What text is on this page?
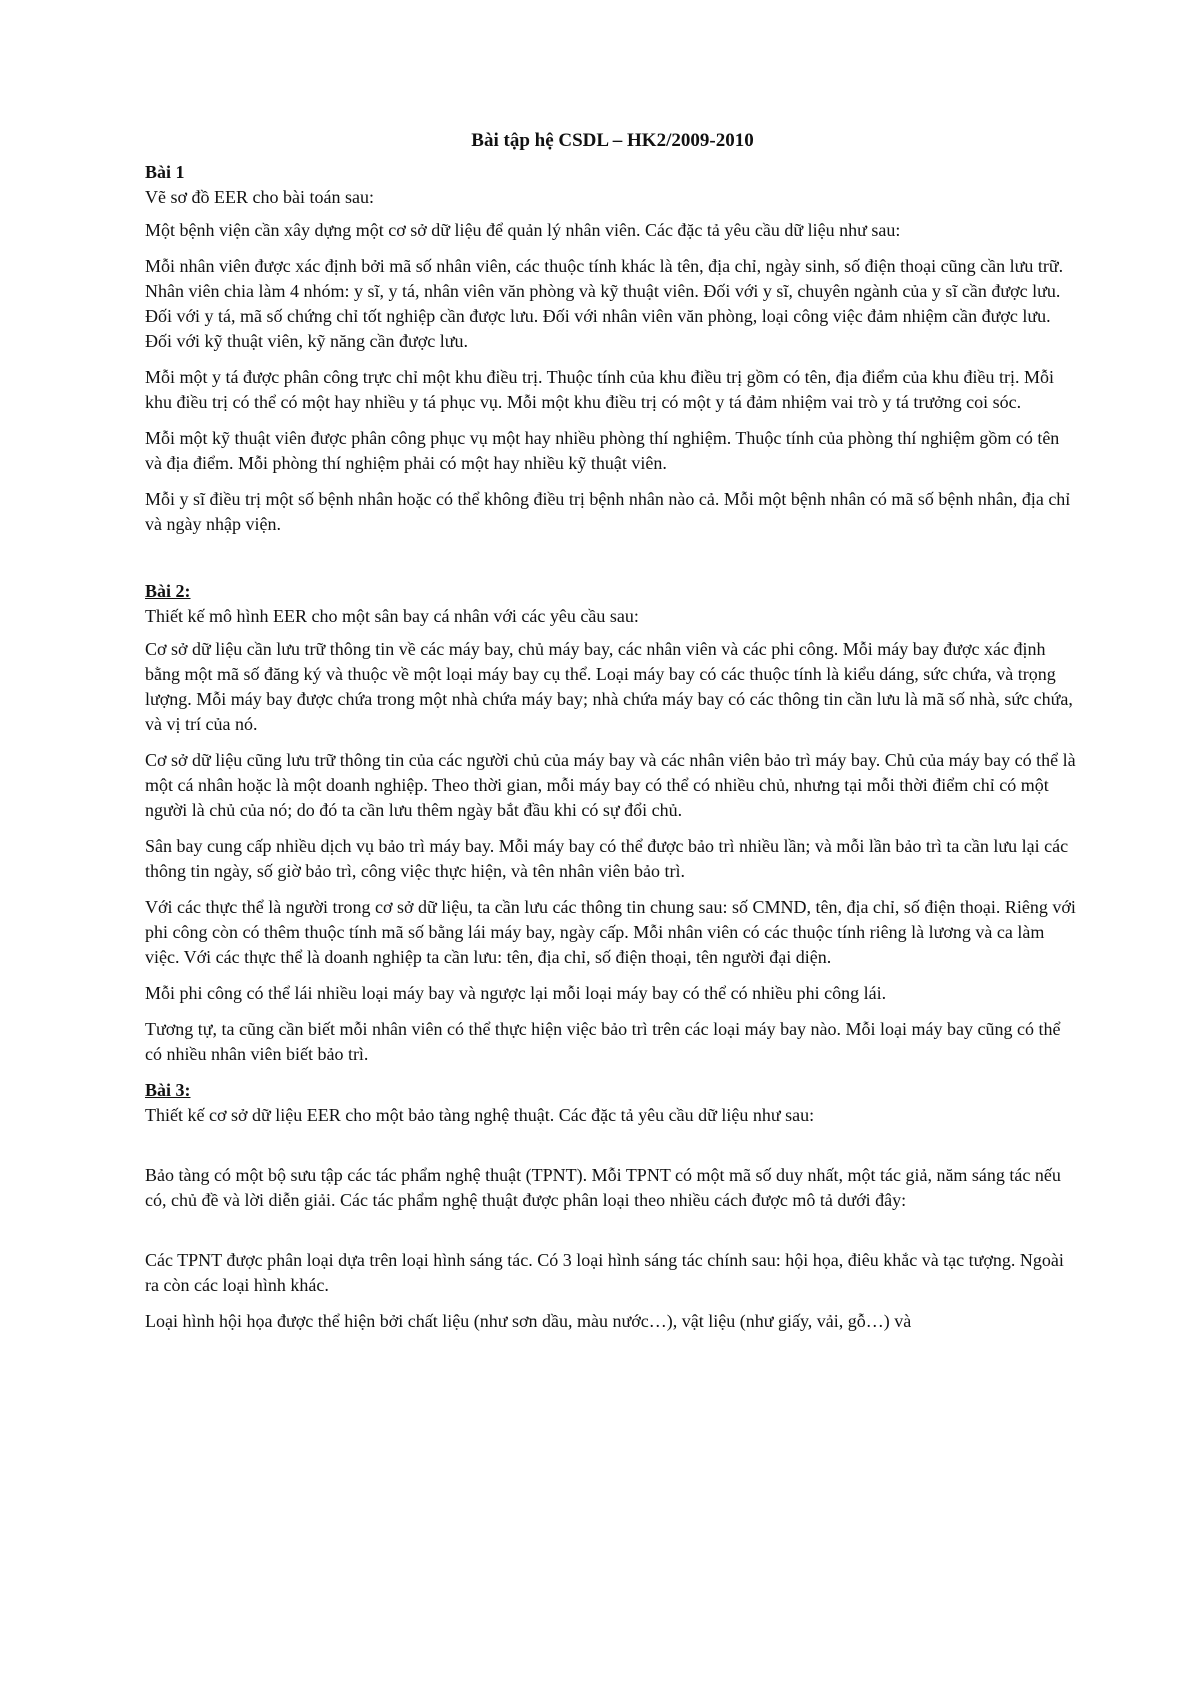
Bài tập hệ CSDL – HK2/2009-2010
Bài 1

Vẽ sơ đồ EER cho bài toán sau:

Một bệnh viện cần xây dựng một cơ sở dữ liệu để quản lý nhân viên. Các đặc tả yêu cầu dữ liệu như sau:

Mỗi nhân viên được xác định bởi mã số nhân viên, các thuộc tính khác là tên, địa chỉ, ngày sinh, số điện thoại cũng cần lưu trữ. Nhân viên chia làm 4 nhóm: y sĩ, y tá, nhân viên văn phòng và kỹ thuật viên. Đối với y sĩ, chuyên ngành của y sĩ cần được lưu. Đối với y tá, mã số chứng chỉ tốt nghiệp cần được lưu. Đối với nhân viên văn phòng, loại công việc đảm nhiệm cần được lưu. Đối với kỹ thuật viên, kỹ năng cần được lưu.

Mỗi một y tá được phân công trực chỉ một khu điều trị. Thuộc tính của khu điều trị gồm có tên, địa điểm của khu điều trị. Mỗi khu điều trị có thể có một hay nhiều y tá phục vụ. Mỗi một khu điều trị có một y tá đảm nhiệm vai trò y tá trưởng coi sóc.

Mỗi một kỹ thuật viên được phân công phục vụ một hay nhiều phòng thí nghiệm. Thuộc tính của phòng thí nghiệm gồm có tên và địa điểm. Mỗi phòng thí nghiệm phải có một hay nhiều kỹ thuật viên.

Mỗi y sĩ điều trị một số bệnh nhân hoặc có thể không điều trị bệnh nhân nào cả. Mỗi một bệnh nhân có mã số bệnh nhân, địa chỉ và ngày nhập viện.

Bài 2:

Thiết kế mô hình EER cho một sân bay cá nhân với các yêu cầu sau:

Cơ sở dữ liệu cần lưu trữ thông tin về các máy bay, chủ máy bay, các nhân viên và các phi công. Mỗi máy bay được xác định bằng một mã số đăng ký và thuộc về một loại máy bay cụ thể. Loại máy bay có các thuộc tính là kiểu dáng, sức chứa, và trọng lượng. Mỗi máy bay được chứa trong một nhà chứa máy bay; nhà chứa máy bay có các thông tin cần lưu là mã số nhà, sức chứa, và vị trí của nó.

Cơ sở dữ liệu cũng lưu trữ thông tin của các người chủ của máy bay và các nhân viên bảo trì máy bay. Chủ của máy bay có thể là một cá nhân hoặc là một doanh nghiệp. Theo thời gian, mỗi máy bay có thể có nhiều chủ, nhưng tại mỗi thời điểm chỉ có một người là chủ của nó; do đó ta cần lưu thêm ngày bắt đầu khi có sự đổi chủ.

Sân bay cung cấp nhiều dịch vụ bảo trì máy bay. Mỗi máy bay có thể được bảo trì nhiều lần; và mỗi lần bảo trì ta cần lưu lại các thông tin ngày, số giờ bảo trì, công việc thực hiện, và tên nhân viên bảo trì.

Với các thực thể là người trong cơ sở dữ liệu, ta cần lưu các thông tin chung sau: số CMND, tên, địa chỉ, số điện thoại. Riêng với phi công còn có thêm thuộc tính mã số bằng lái máy bay, ngày cấp. Mỗi nhân viên có các thuộc tính riêng là lương và ca làm việc. Với các thực thể là doanh nghiệp ta cần lưu: tên, địa chỉ, số điện thoại, tên người đại diện.

Mỗi phi công có thể lái nhiều loại máy bay và ngược lại mỗi loại máy bay có thể có nhiều phi công lái.

Tương tự, ta cũng cần biết mỗi nhân viên có thể thực hiện việc bảo trì trên các loại máy bay nào. Mỗi loại máy bay cũng có thể có nhiều nhân viên biết bảo trì.

Bài 3:

Thiết kế cơ sở dữ liệu EER cho một bảo tàng nghệ thuật. Các đặc tả yêu cầu dữ liệu như sau:

Bảo tàng có một bộ sưu tập các tác phẩm nghệ thuật (TPNT). Mỗi TPNT có một mã số duy nhất, một tác giả, năm sáng tác nếu có, chủ đề và lời diễn giải. Các tác phẩm nghệ thuật được phân loại theo nhiều cách được mô tả dưới đây:

Các TPNT được phân loại dựa trên loại hình sáng tác. Có 3 loại hình sáng tác chính sau: hội họa, điêu khắc và tạc tượng. Ngoài ra còn các loại hình khác.

Loại hình hội họa được thể hiện bởi chất liệu (như sơn dầu, màu nước…), vật liệu (như giấy, vải, gỗ…) và
